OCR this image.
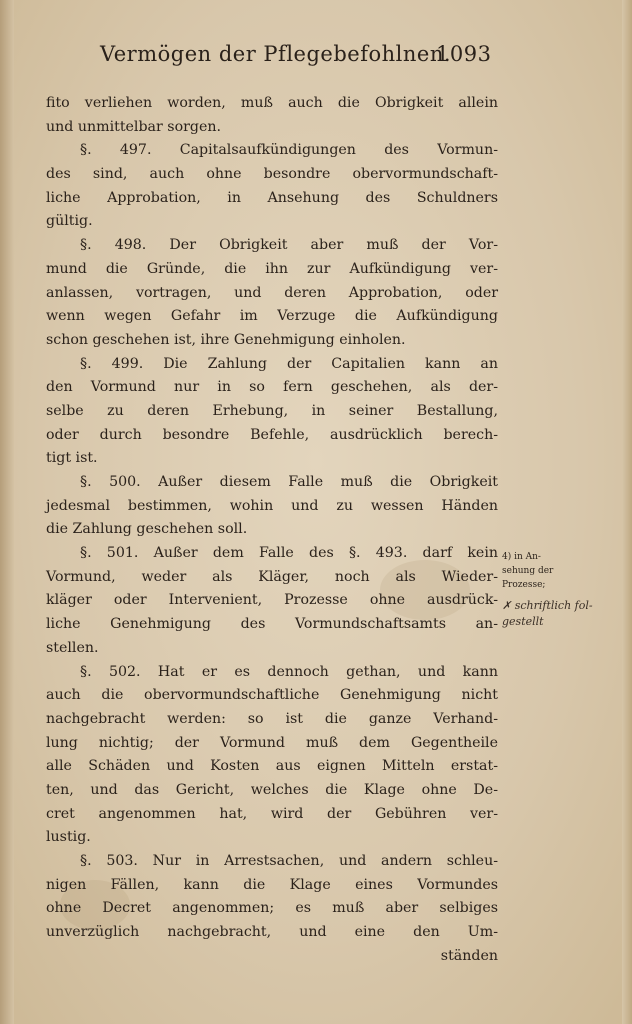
Vermögen der Pflegebefohlnen.
1093
fito verliehen worden, muß auch die Obrigkeit allein
und unmittelbar sorgen.
§. 497. Capitalsaufkündigungen des Vormun-
des sind, auch ohne besondre obervormundschaft-
liche Approbation, in Ansehung des Schuldners
gültig.
§. 498. Der Obrigkeit aber muß der Vor-
mund die Gründe, die ihn zur Aufkündigung ver-
anlassen, vortragen, und deren Approbation, oder
wenn wegen Gefahr im Verzuge die Aufkündigung
schon geschehen ist, ihre Genehmigung einholen.
§. 499. Die Zahlung der Capitalien kann an
den Vormund nur in so fern geschehen, als der-
selbe zu deren Erhebung, in seiner Bestallung,
oder durch besondre Befehle, ausdrücklich berech-
tigt ist.
§. 500. Außer diesem Falle muß die Obrigkeit
jedesmal bestimmen, wohin und zu wessen Händen
die Zahlung geschehen soll.
§. 501. Außer dem Falle des §. 493. darf kein
Vormund, weder als Kläger, noch als Wieder-
kläger oder Intervenient, Prozesse ohne ausdrück-
liche Genehmigung des Vormundschaftsamts an-
stellen.
§. 502. Hat er es dennoch gethan, und kann
auch die obervormundschaftliche Genehmigung nicht
nachgebracht werden: so ist die ganze Verhand-
lung nichtig; der Vormund muß dem Gegentheile
alle Schäden und Kosten aus eignen Mitteln erstat-
ten, und das Gericht, welches die Klage ohne De-
cret angenommen hat, wird der Gebühren ver-
lustig.
§. 503. Nur in Arrestsachen, und andern schleu-
nigen Fällen, kann die Klage eines Vormundes
ohne Decret angenommen; es muß aber selbiges
unverzüglich nachgebracht, und eine den Um-
ständen
4) in An-
sehung der
Prozesse;
✗ schriftlich fol-
gestellt
